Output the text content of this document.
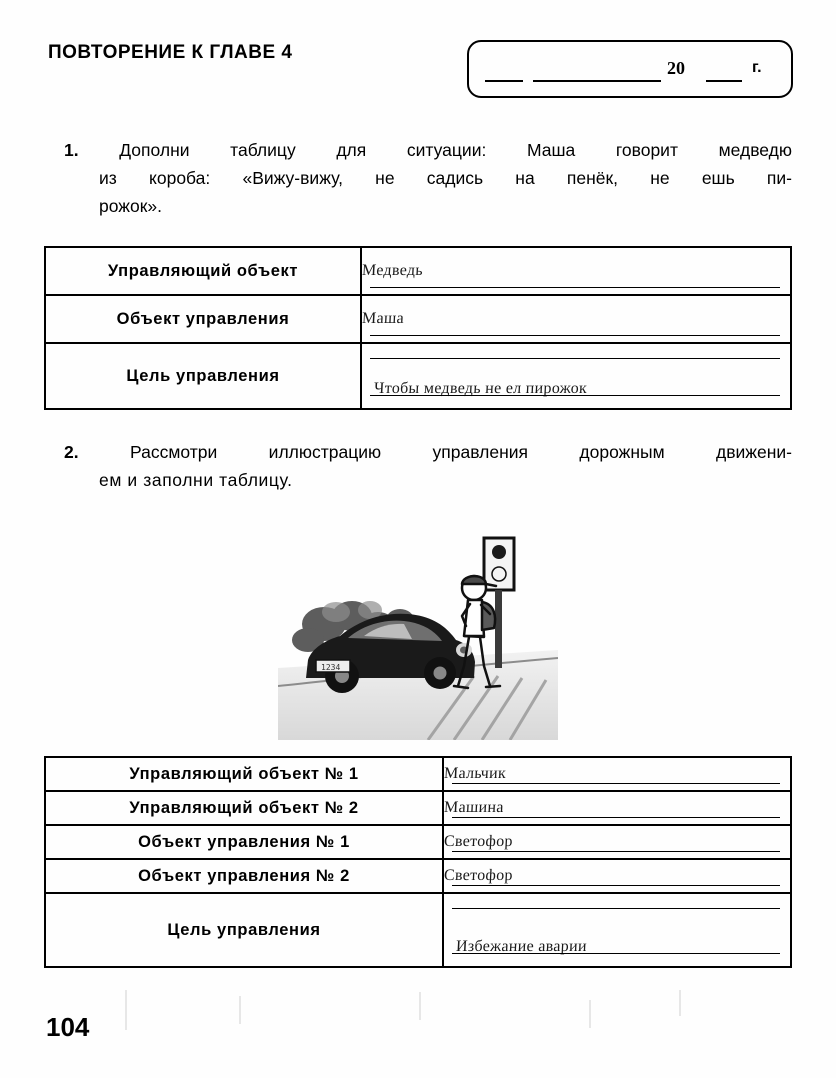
ПОВТОРЕНИЕ К ГЛАВЕ 4
20	г.
1. Дополни таблицу для ситуации: Маша говорит медведю
из короба: «Вижу-вижу, не садись на пенёк, не ешь пи-
рожок».
Управляющий объект	Медведь
Объект управления	Маша
Цель управления	Чтобы медведь не ел пирожок
2.	Рассмотри иллюстрацию управления дорожным движени-
ем и заполни таблицу.
1234
Управляющий объект № 1	Мальчик
Управляющий объект № 2	Машина
Объект управления № 1	Светофор
Объект управления № 2	Светофор
Цель управления	Избежание аварии
104
